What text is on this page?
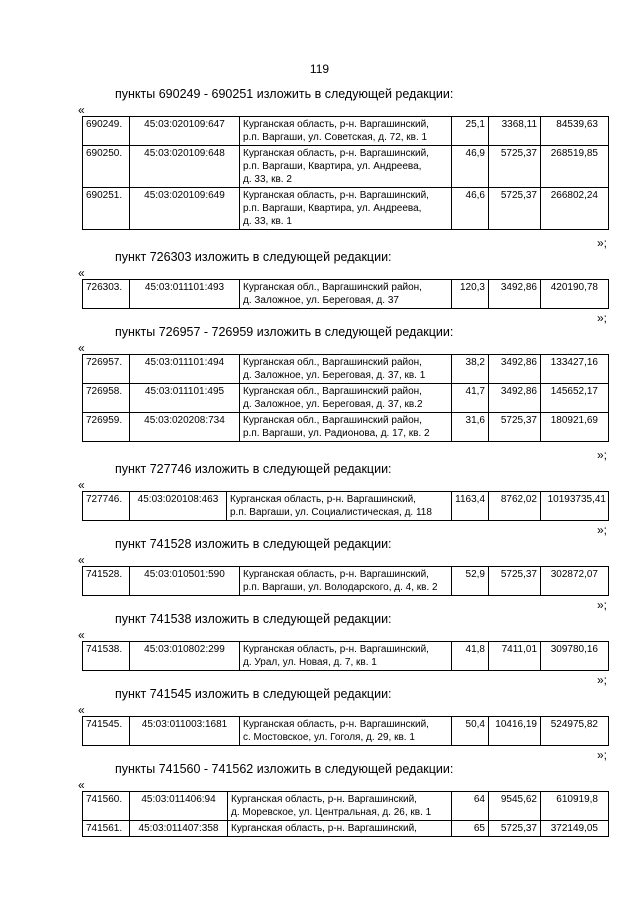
119
пункты 690249 - 690251 изложить в следующей редакции:
«
690249.	45:03:020109:647	Курганская область, р-н. Варгашинский,
р.п. Варгаши, ул. Советская, д. 72, кв. 1	25,1	3368,11	84539,63
690250.	45:03:020109:648	Курганская область, р-н. Варгашинский,
р.п. Варгаши, Квартира, ул. Андреева,
д. 33, кв. 2	46,9	5725,37	268519,85
690251.	45:03:020109:649	Курганская область, р-н. Варгашинский,
р.п. Варгаши, Квартира, ул. Андреева,
д. 33, кв. 1	46,6	5725,37	266802,24
»;
пункт 726303 изложить в следующей редакции:
«
726303.	45:03:011101:493	Курганская обл., Варгашинский район,
д. Заложное, ул. Береговая, д. 37
	120,3	3492,86	420190,78
»;
пункты 726957 - 726959 изложить в следующей редакции:
«
726957.	45:03:011101:494	Курганская обл., Варгашинский район,
д. Заложное, ул. Береговая, д. 37, кв. 1	38,2	3492,86	133427,16
726958.	45:03:011101:495	Курганская обл., Варгашинский район,
д. Заложное, ул. Береговая, д. 37, кв.2	41,7	3492,86	145652,17
726959.	45:03:020208:734	Курганская обл., Варгашинский район,
р.п. Варгаши, ул. Радионова, д. 17, кв. 2	31,6	5725,37	180921,69
»;
пункт 727746 изложить в следующей редакции:
«
727746.	45:03:020108:463	Курганская область, р-н. Варгашинский,
р.п. Варгаши, ул. Социалистическая, д. 118
	1163,4	8762,02	10193735,41
»;
пункт 741528 изложить в следующей редакции:
«
741528.	45:03:010501:590	Курганская область, р-н. Варгашинский,
р.п. Варгаши, ул. Володарского, д. 4, кв. 2
	52,9	5725,37	302872,07
»;
пункт 741538 изложить в следующей редакции:
«
741538.	45:03:010802:299	Курганская область, р-н. Варгашинский,
д. Урал, ул. Новая, д. 7, кв. 1
	41,8	7411,01	309780,16
»;
пункт 741545 изложить в следующей редакции:
«
741545.	45:03:011003:1681	Курганская область, р-н. Варгашинский,
с. Мостовское, ул. Гоголя, д. 29, кв. 1
	50,4	10416,19	524975,82
»;
пункты 741560 - 741562 изложить в следующей редакции:
«
741560.	45:03:011406:94	Курганская область, р-н. Варгашинский,
д. Моревское, ул. Центральная, д. 26, кв. 1	64	9545,62	610919,8
741561.	45:03:011407:358	Курганская область, р-н. Варгашинский,	65	5725,37	372149,05
